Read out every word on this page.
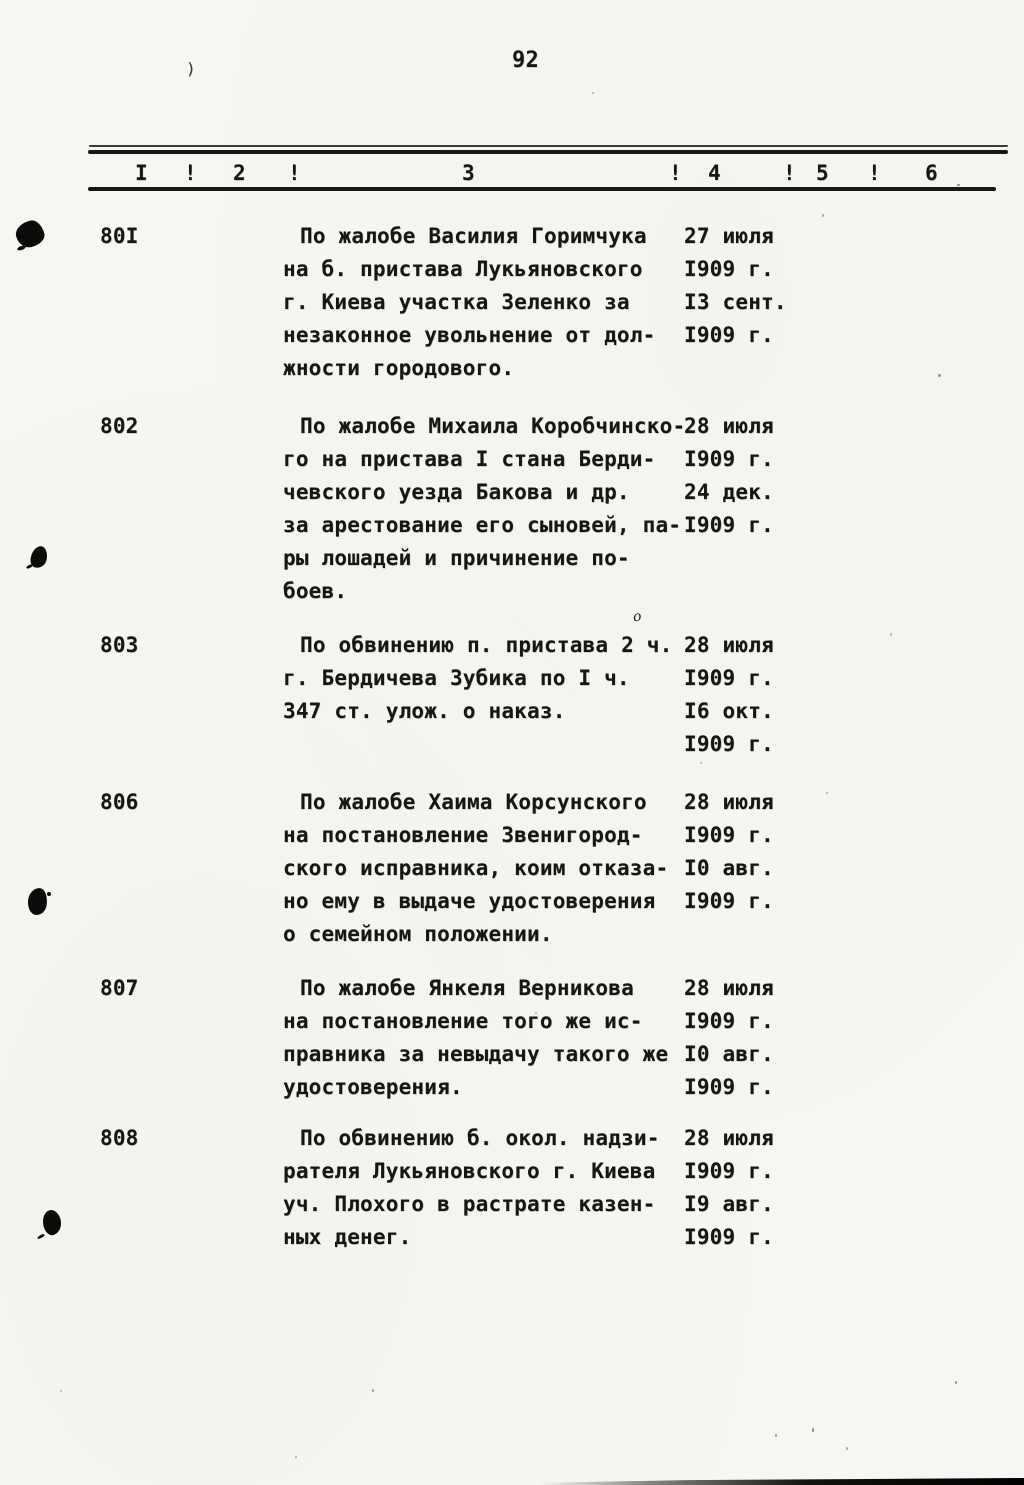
)	92
I ! 2 !	3	! 4	! 5 ! 6
80I	По жалобе Василия Горимчука 27 июля
на б. пристава Лукьяновского I909 г.
г. Киева участка Зеленко за	I3 сент.
незаконное увольнение от дол- I909 г.
жности городового.
802	По жалобе Михаила Коробчинско-
28 июля
го на пристава I стана Берди- I909 г.
чевского уезда Бакова и др.	24 дек.
за арестование его сыновей, па- I909 г.
ры лошадей и причинение по-
боев.
803	По обвинению п. пристава 2 ч. 28 июля
г. Бердичева Зубика по I ч.	I909 г.
347 ст. улож. о наказ.	I6 окт.
I909 г.
о
806	По жалобе Хаима Корсунского 28 июля
на постановление Звенигород- I909 г.
ского исправника, коим отказа- I0 авг.
но ему в выдаче удостоверения I909 г.
о семейном положении.
807	По жалобе Янкеля Верникова 28 июля
на постановление того же ис- I909 г.
правника за невыдачу такого же I0 авг.
удостоверения.	I909 г.
808	По обвинению б. окол. надзи- 28 июля
рателя Лукьяновского г. Киева I909 г.
уч. Плохого в растрате казен- I9 авг.
ных денег.	I909 г.
